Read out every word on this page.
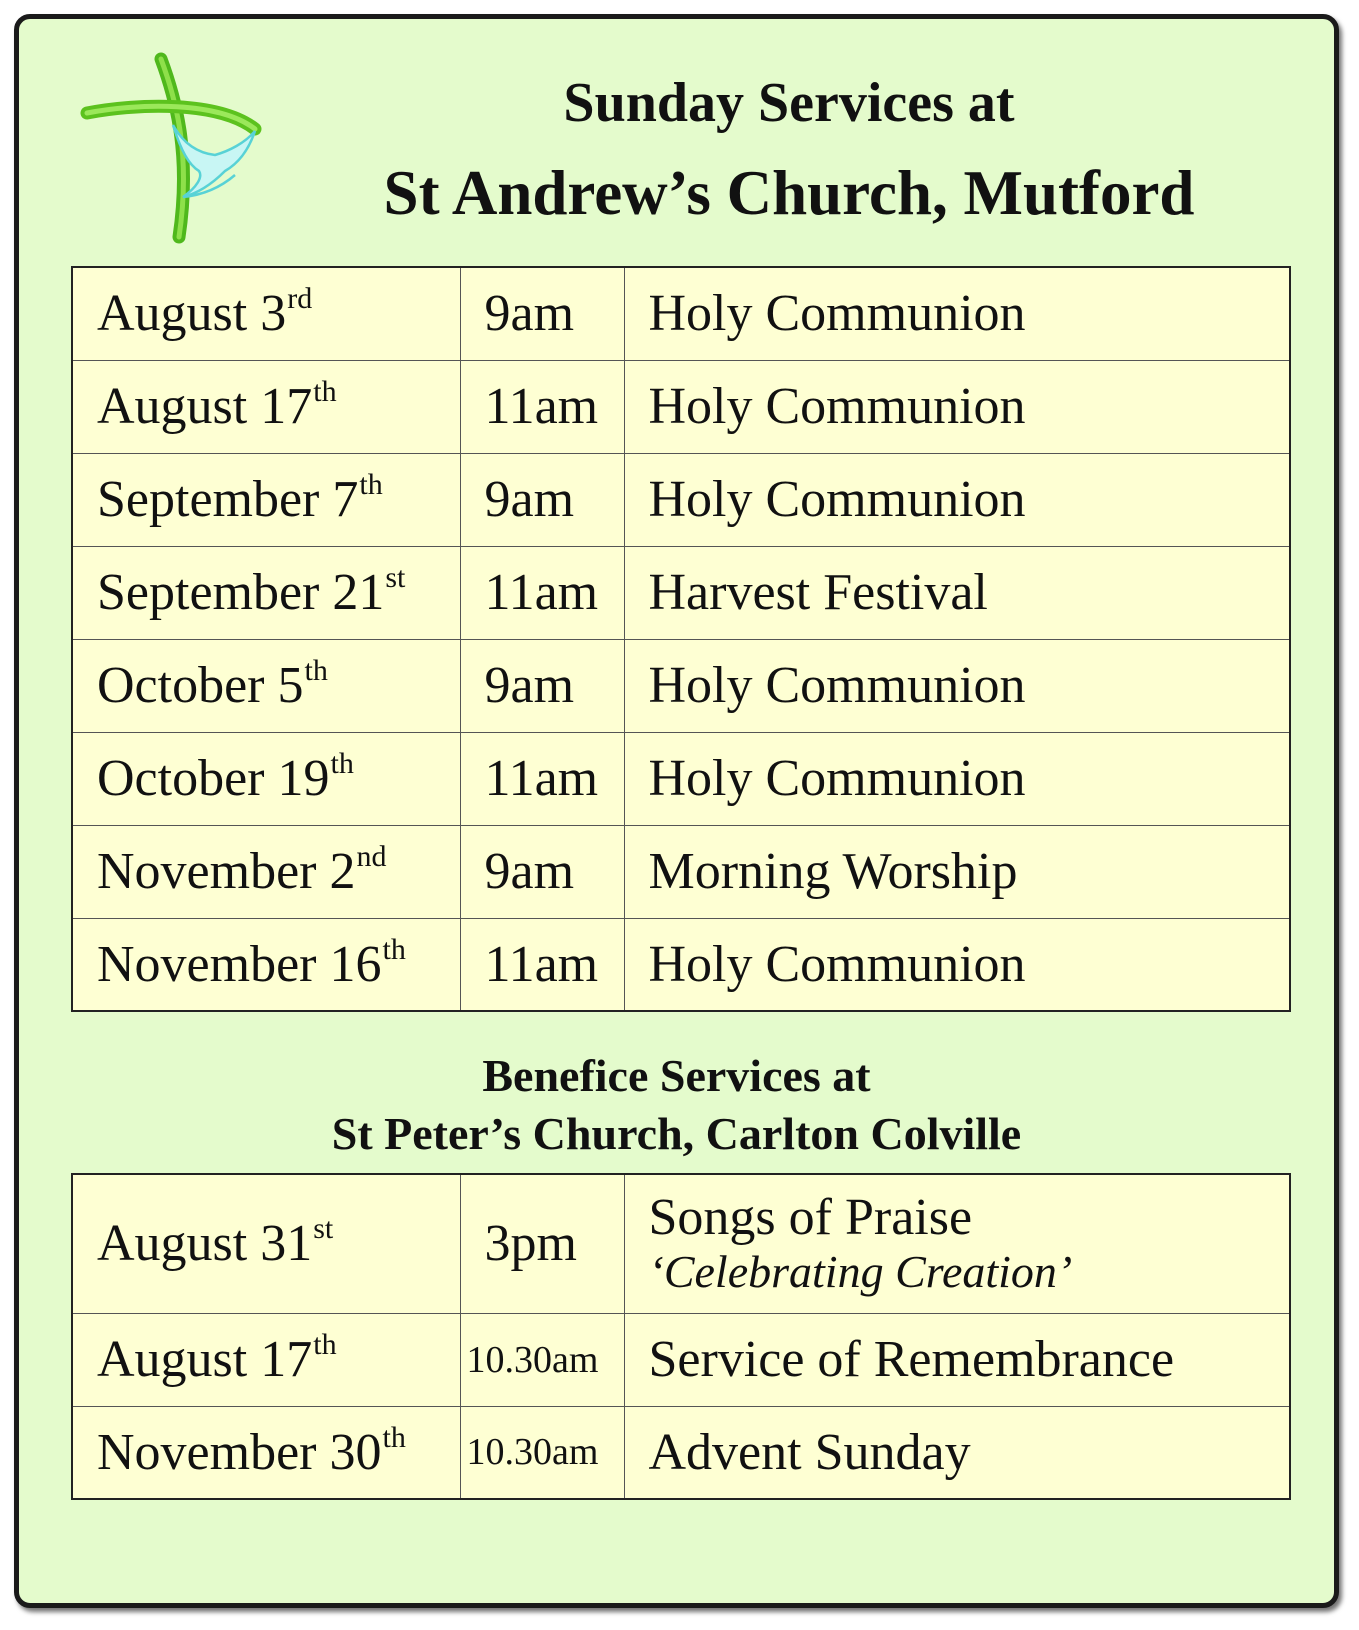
Sunday Services at
St Andrew’s Church, Mutford
August 3rd	9am	Holy Communion
August 17th	11am	Holy Communion
September 7th	9am	Holy Communion
September 21st	11am	Harvest Festival
October 5th	9am	Holy Communion
October 19th	11am	Holy Communion
November 2nd	9am	Morning Worship
November 16th	11am	Holy Communion
Benefice Services at
St Peter’s Church, Carlton Colville
August 31st	3pm	Songs of Praise
‘Celebrating Creation’

August 17th	10.30am	Service of Remembrance
November 30th	10.30am	Advent Sunday
